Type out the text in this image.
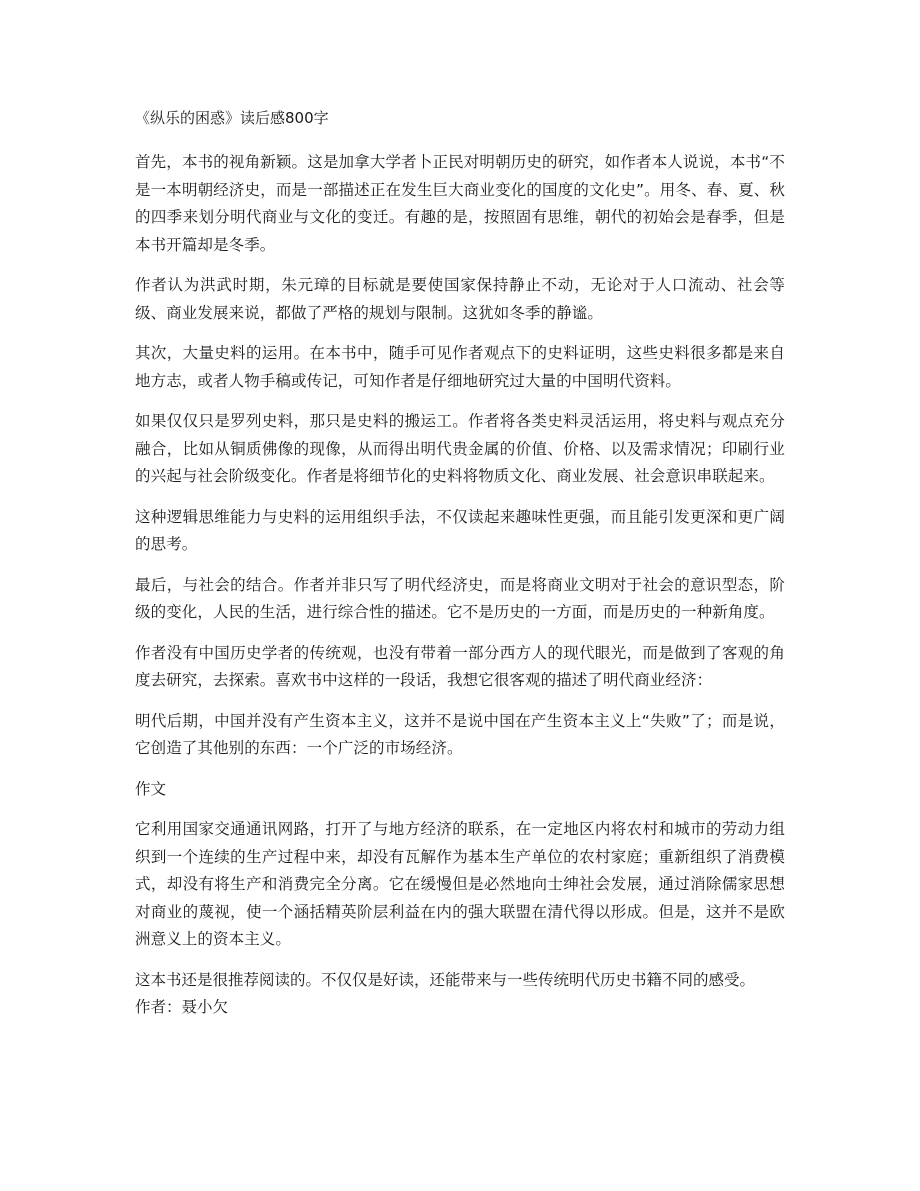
《纵乐的困惑》读后感800字

首先，本书的视角新颖。这是加拿大学者卜正民对明朝历史的研究，如作者本人说说，本书“不是一本明朝经济史，而是一部描述正在发生巨大商业变化的国度的文化史”。用冬、春、夏、秋的四季来划分明代商业与文化的变迁。有趣的是，按照固有思维，朝代的初始会是春季，但是本书开篇却是冬季。

作者认为洪武时期，朱元璋的目标就是要使国家保持静止不动，无论对于人口流动、社会等级、商业发展来说，都做了严格的规划与限制。这犹如冬季的静谧。

其次，大量史料的运用。在本书中，随手可见作者观点下的史料证明，这些史料很多都是来自地方志，或者人物手稿或传记，可知作者是仔细地研究过大量的中国明代资料。

如果仅仅只是罗列史料，那只是史料的搬运工。作者将各类史料灵活运用，将史料与观点充分融合，比如从铜质佛像的现像，从而得出明代贵金属的价值、价格、以及需求情况；印刷行业的兴起与社会阶级变化。作者是将细节化的史料将物质文化、商业发展、社会意识串联起来。

这种逻辑思维能力与史料的运用组织手法，不仅读起来趣味性更强，而且能引发更深和更广阔的思考。

最后，与社会的结合。作者并非只写了明代经济史，而是将商业文明对于社会的意识型态，阶级的变化，人民的生活，进行综合性的描述。它不是历史的一方面，而是历史的一种新角度。

作者没有中国历史学者的传统观，也没有带着一部分西方人的现代眼光，而是做到了客观的角度去研究，去探索。喜欢书中这样的一段话，我想它很客观的描述了明代商业经济：

明代后期，中国并没有产生资本主义，这并不是说中国在产生资本主义上“失败”了；而是说，它创造了其他别的东西：一个广泛的市场经济。

作文

它利用国家交通通讯网路，打开了与地方经济的联系，在一定地区内将农村和城市的劳动力组织到一个连续的生产过程中来，却没有瓦解作为基本生产单位的农村家庭；重新组织了消费模式，却没有将生产和消费完全分离。它在缓慢但是必然地向士绅社会发展，通过消除儒家思想对商业的蔑视，使一个涵括精英阶层利益在内的强大联盟在清代得以形成。但是，这并不是欧洲意义上的资本主义。

这本书还是很推荐阅读的。不仅仅是好读，还能带来与一些传统明代历史书籍不同的感受。
作者：聂小欠
